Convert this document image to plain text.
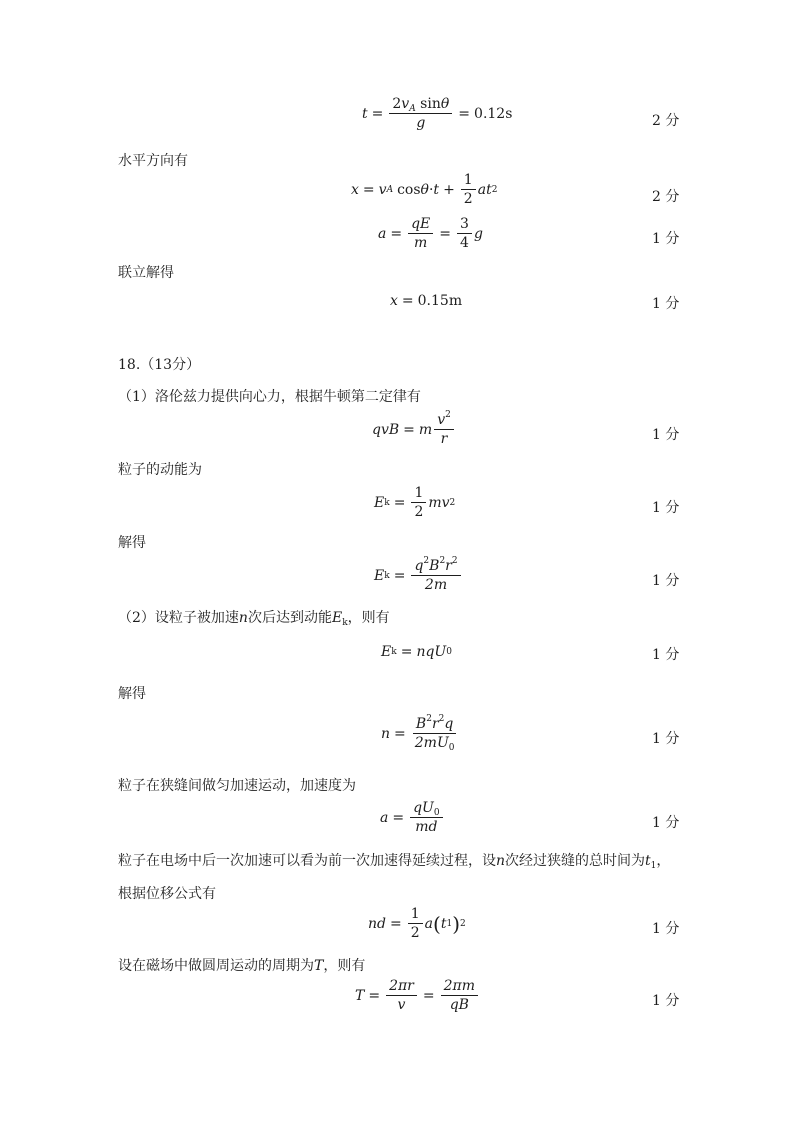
$t = \frac{2v_A \sin\theta}{g} = 0.12s$	2 分
水平方向有
x = v A $\cos \theta \cdot t + \frac{1}{2}$ at 2	2 分
$a = \frac{qE}{m} = \frac{3}{4}$ g	1 分
联立解得
x = 0.15m	1 分
18.（13分）
（1）洛伦兹力提供向心力，根据牛顿第二定律有
qvB = m $\frac{v^2}{r}$	1 分
粒子的动能为
E $k = \frac{1}{2}$ mv 2	1 分
解得
E $k = \frac{q^2B^2r^2}{2m}$	1 分
（2）设粒子被加速n次后达到动能$E_k$，则有
E k = nqU 0	1 分
解得
$n = \frac{B^2r^2q}{2mU_0}$	1 分
粒子在狭缝间做匀加速运动，加速度为
$a = \frac{qU_0}{md}$	1 分
粒子在电场中后一次加速可以看为前一次加速得延续过程，设n次经过狭缝的总时间为$t_1$，
根据位移公式有
nd = $\frac{1}{2}$ a ( t 1 ) 2	1 分
设在磁场中做圆周运动的周期为T，则有
$T = \frac{2\pi r}{v} = \frac{2\pi m}{qB}$	1 分
